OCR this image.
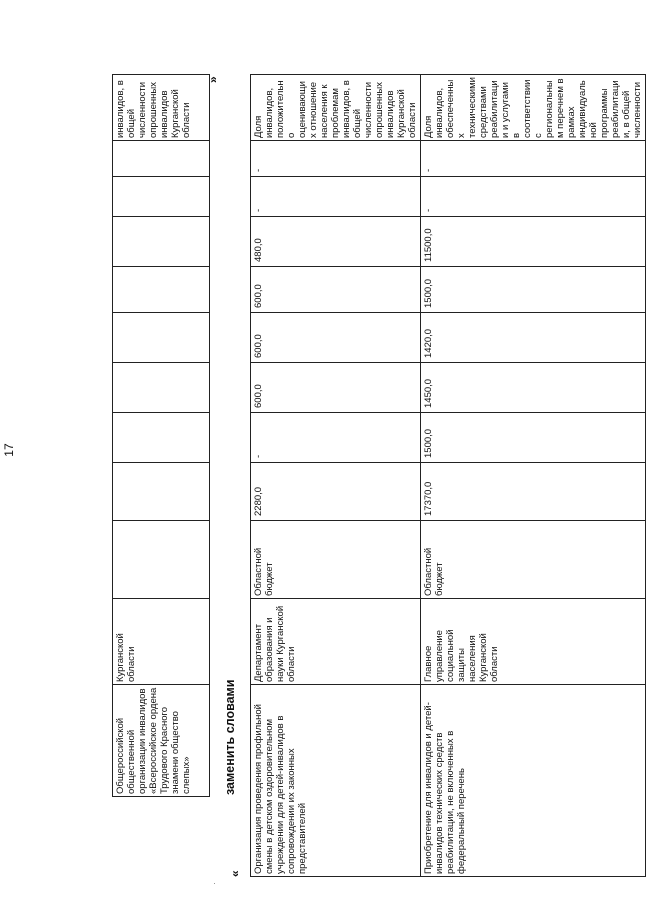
17
Общероссийской общественной организации инвалидов «Всероссийское ордена Трудового Красного знамени общество слепых»	Курганской области										инвалидов, в общей численности опрошенных инвалидов Курганской области
»
заменить словами
« Организация проведения профильной смены в детском оздоровительном учреждении для детей-инвалидов в сопровождении их законных представителей	Департамент образования и науки Курганской области	Областной бюджет	2280,0	-	600,0	600,0	600,0	480,0	-	-	Доля инвалидов, положительно оценивающих отношение населения к проблемам инвалидов, в общей численности опрошенных инвалидов Курганской области
Приобретение для инвалидов и детей-инвалидов технических средств реабилитации, не включенных в федеральный перечень	Главное управление социальной защиты населения Курганской области	Областной бюджет	17370,0	1500,0	1450,0	1420,0	1500,0	11500,0	-	-	Доля инвалидов, обеспеченных техническими средствами реабилитации и услугами в соответствии с региональным перечнем в рамках индивидуальной программы реабилитации, в общей численности
·
